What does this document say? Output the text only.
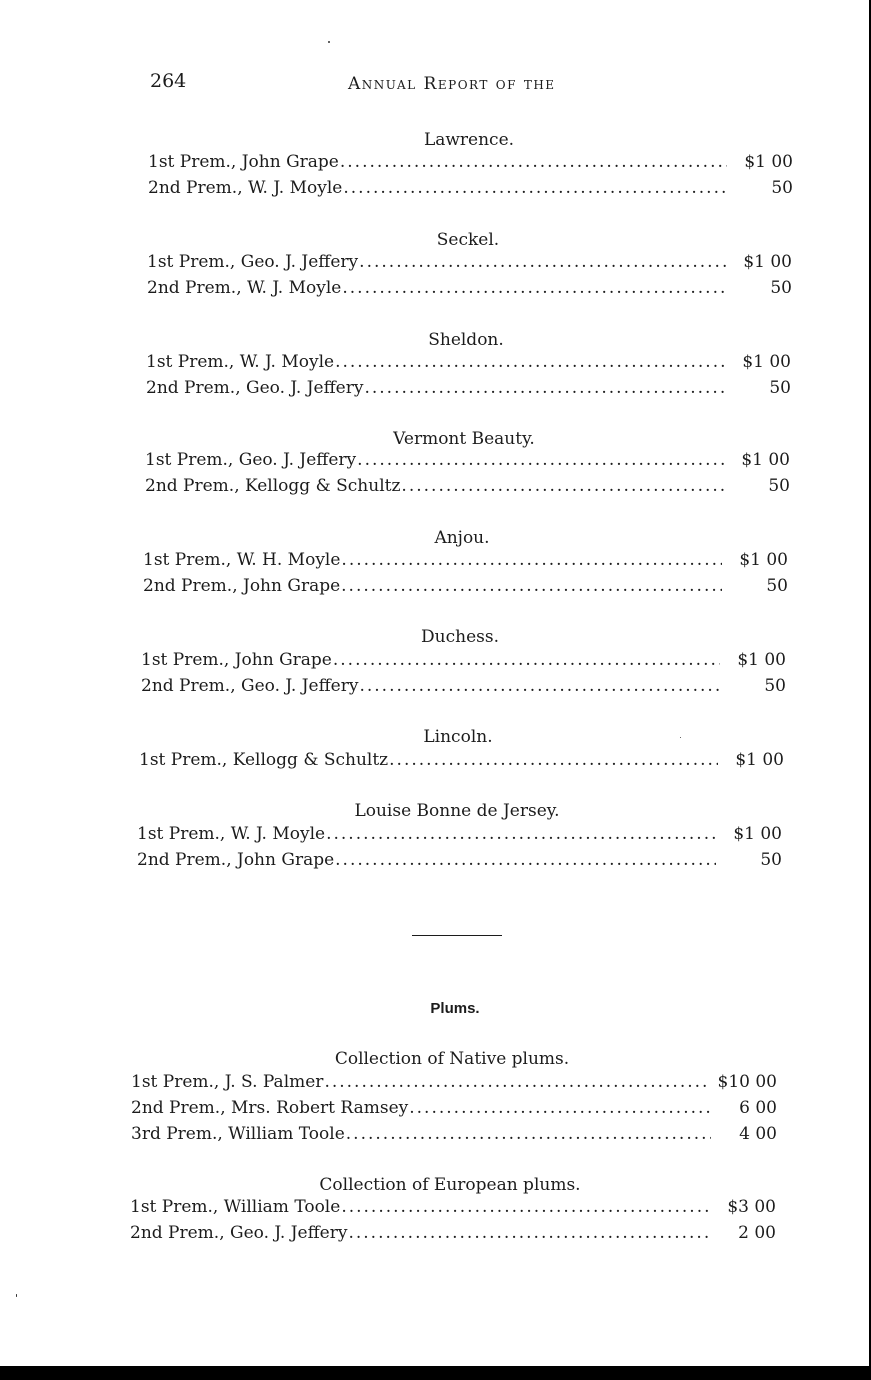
264	Annual Report of the
Lawrence.
1st Prem., John Grape .....	$1 00
2nd Prem., W. J. Moyle .....	50
Seckel.
1st Prem., Geo. J. Jeffery .....	$1 00
2nd Prem., W. J. Moyle .....	50
Sheldon.
1st Prem., W. J. Moyle .....	$1 00
2nd Prem., Geo. J. Jeffery .....	50
Vermont Beauty.
1st Prem., Geo. J. Jeffery .....	$1 00
2nd Prem., Kellogg & Schultz .....	50
Anjou.
1st Prem., W. H. Moyle .....	$1 00
2nd Prem., John Grape .....	50
Duchess.
1st Prem., John Grape .....	$1 00
2nd Prem., Geo. J. Jeffery .....	50
Lincoln.
1st Prem., Kellogg & Schultz .....	$1 00
Louise Bonne de Jersey.
1st Prem., W. J. Moyle .....	$1 00
2nd Prem., John Grape .....	50
Plums.
Collection of Native plums.
1st Prem., J. S. Palmer .....	$10 00
2nd Prem., Mrs. Robert Ramsey .....	6 00
3rd Prem., William Toole .....	4 00
Collection of European plums.
1st Prem., William Toole .....	$3 00
2nd Prem., Geo. J. Jeffery .....	2 00
